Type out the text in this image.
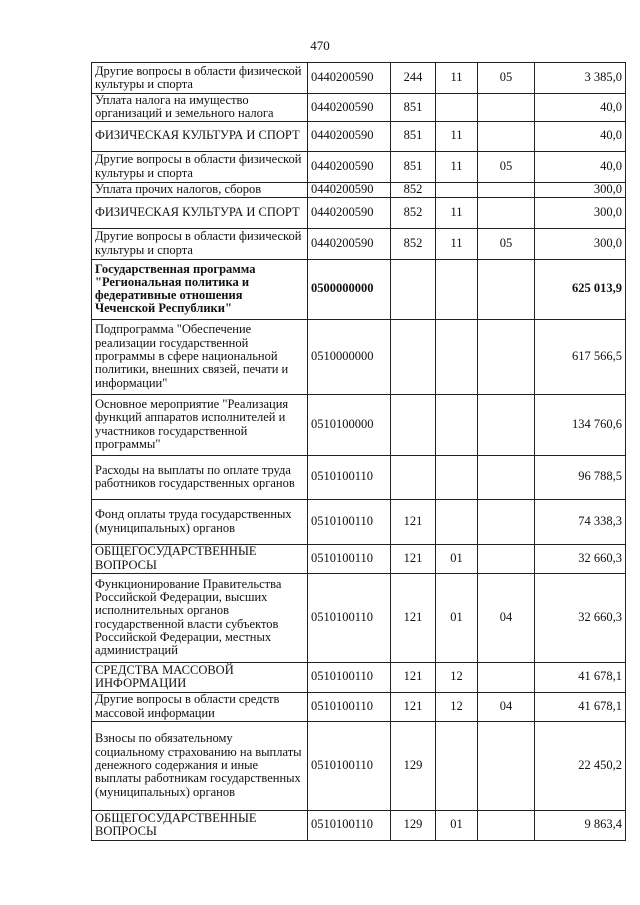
470
Другие вопросы в области физической культуры и спорта	0440200590	244	11	05	3 385,0
Уплата налога на имущество организаций и земельного налога	0440200590	851			40,0
ФИЗИЧЕСКАЯ КУЛЬТУРА И СПОРТ	0440200590	851	11		40,0
Другие вопросы в области физической культуры и спорта	0440200590	851	11	05	40,0
Уплата прочих налогов, сборов	0440200590	852			300,0
ФИЗИЧЕСКАЯ КУЛЬТУРА И СПОРТ	0440200590	852	11		300,0
Другие вопросы в области физической культуры и спорта	0440200590	852	11	05	300,0
Государственная программа "Региональная политика и федеративные отношения Чеченской Республики"	0500000000				625 013,9
Подпрограмма "Обеспечение реализации государственной программы в сфере национальной политики, внешних связей, печати и информации"	0510000000				617 566,5
Основное мероприятие "Реализация функций аппаратов исполнителей и участников государственной программы"	0510100000				134 760,6
Расходы на выплаты по оплате труда работников государственных органов	0510100110				96 788,5
Фонд оплаты труда государственных (муниципальных) органов	0510100110	121			74 338,3
ОБЩЕГОСУДАРСТВЕННЫЕ ВОПРОСЫ	0510100110	121	01		32 660,3
Функционирование Правительства Российской Федерации, высших исполнительных органов государственной власти субъектов Российской Федерации, местных администраций	0510100110	121	01	04	32 660,3
СРЕДСТВА МАССОВОЙ ИНФОРМАЦИИ	0510100110	121	12		41 678,1
Другие вопросы в области средств массовой информации	0510100110	121	12	04	41 678,1
Взносы по обязательному социальному страхованию на выплаты денежного содержания и иные выплаты работникам государственных (муниципальных) органов	0510100110	129			22 450,2
ОБЩЕГОСУДАРСТВЕННЫЕ ВОПРОСЫ	0510100110	129	01		9 863,4
